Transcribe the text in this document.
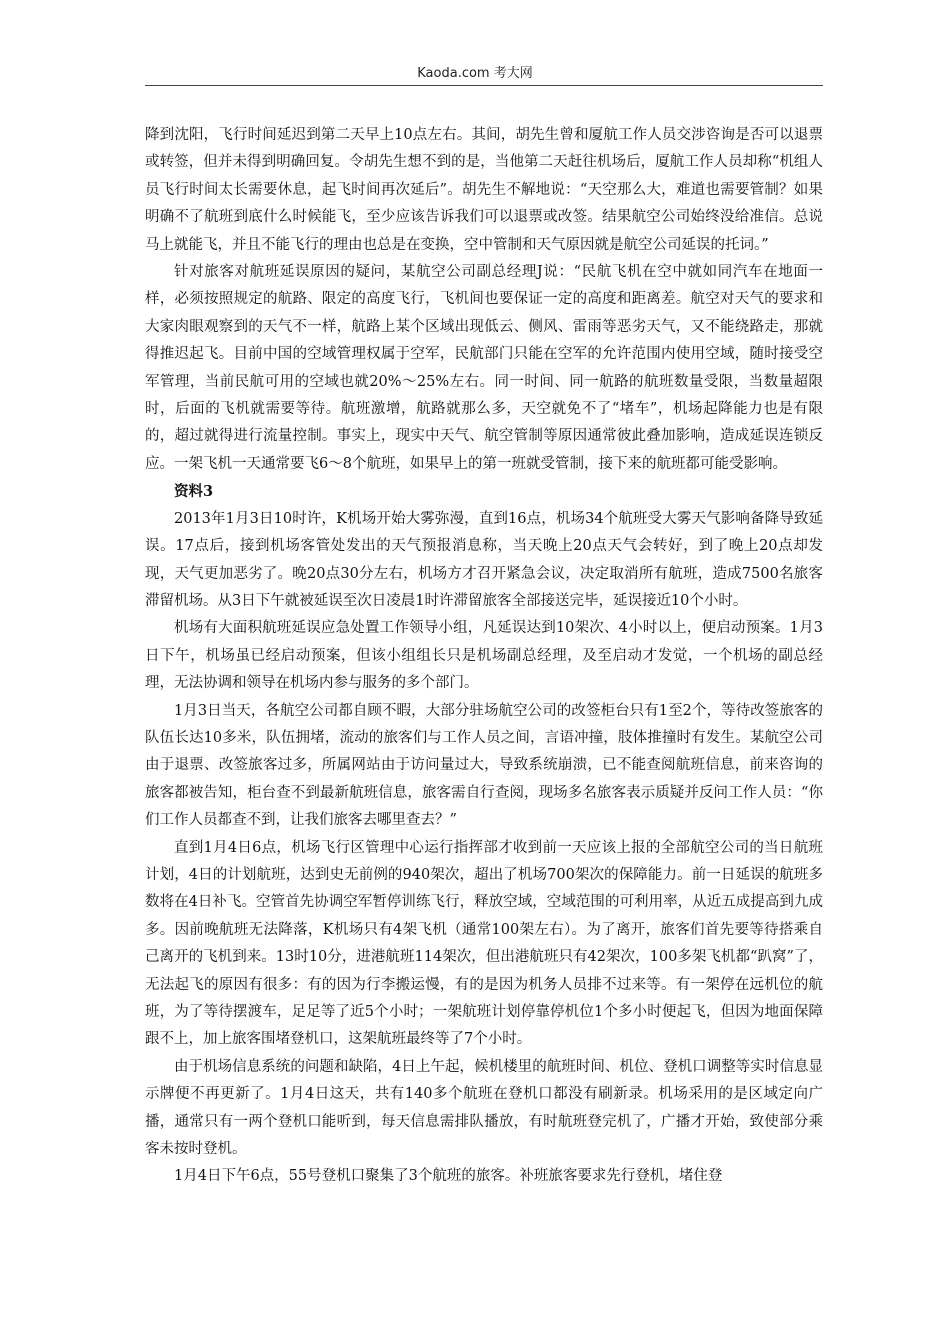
Kaoda.com 考大网

降到沈阳，飞行时间延迟到第二天早上10点左右。其间，胡先生曾和厦航工作人员交涉咨询是否可以退票或转签，但并未得到明确回复。令胡先生想不到的是，当他第二天赶往机场后，厦航工作人员却称“机组人员飞行时间太长需要休息，起飞时间再次延后”。胡先生不解地说：“天空那么大，难道也需要管制？如果明确不了航班到底什么时候能飞，至少应该告诉我们可以退票或改签。结果航空公司始终没给准信。总说马上就能飞，并且不能飞行的理由也总是在变换，空中管制和天气原因就是航空公司延误的托词。”

针对旅客对航班延误原因的疑问，某航空公司副总经理J说：“民航飞机在空中就如同汽车在地面一样，必须按照规定的航路、限定的高度飞行，飞机间也要保证一定的高度和距离差。航空对天气的要求和大家肉眼观察到的天气不一样，航路上某个区域出现低云、侧风、雷雨等恶劣天气，又不能绕路走，那就得推迟起飞。目前中国的空域管理权属于空军，民航部门只能在空军的允许范围内使用空域，随时接受空军管理，当前民航可用的空域也就20%～25%左右。同一时间、同一航路的航班数量受限，当数量超限时，后面的飞机就需要等待。航班激增，航路就那么多，天空就免不了“堵车”，机场起降能力也是有限的，超过就得进行流量控制。事实上，现实中天气、航空管制等原因通常彼此叠加影响，造成延误连锁反应。一架飞机一天通常要飞6～8个航班，如果早上的第一班就受管制，接下来的航班都可能受影响。

资料3

2013年1月3日10时许，K机场开始大雾弥漫，直到16点，机场34个航班受大雾天气影响备降导致延误。17点后，接到机场客管处发出的天气预报消息称，当天晚上20点天气会转好，到了晚上20点却发现，天气更加恶劣了。晚20点30分左右，机场方才召开紧急会议，决定取消所有航班，造成7500名旅客滞留机场。从3日下午就被延误至次日凌晨1时许滞留旅客全部接送完毕，延误接近10个小时。

机场有大面积航班延误应急处置工作领导小组，凡延误达到10架次、4小时以上，便启动预案。1月3日下午，机场虽已经启动预案，但该小组组长只是机场副总经理，及至启动才发觉，一个机场的副总经理，无法协调和领导在机场内参与服务的多个部门。

1月3日当天，各航空公司都自顾不暇，大部分驻场航空公司的改签柜台只有1至2个，等待改签旅客的队伍长达10多米，队伍拥堵，流动的旅客们与工作人员之间，言语冲撞，肢体推撞时有发生。某航空公司由于退票、改签旅客过多，所属网站由于访问量过大，导致系统崩溃，已不能查阅航班信息，前来咨询的旅客都被告知，柜台查不到最新航班信息，旅客需自行查阅，现场多名旅客表示质疑并反问工作人员：“你们工作人员都查不到，让我们旅客去哪里查去？”

直到1月4日6点，机场飞行区管理中心运行指挥部才收到前一天应该上报的全部航空公司的当日航班计划，4日的计划航班，达到史无前例的940架次，超出了机场700架次的保障能力。前一日延误的航班多数将在4日补飞。空管首先协调空军暂停训练飞行，释放空域，空域范围的可利用率，从近五成提高到九成多。因前晚航班无法降落，K机场只有4架飞机（通常100架左右）。为了离开，旅客们首先要等待搭乘自己离开的飞机到来。13时10分，进港航班114架次，但出港航班只有42架次，100多架飞机都“趴窝”了，无法起飞的原因有很多：有的因为行李搬运慢，有的是因为机务人员排不过来等。有一架停在远机位的航班，为了等待摆渡车，足足等了近5个小时；一架航班计划停靠停机位1个多小时便起飞，但因为地面保障跟不上，加上旅客围堵登机口，这架航班最终等了7个小时。

由于机场信息系统的问题和缺陷，4日上午起，候机楼里的航班时间、机位、登机口调整等实时信息显示牌便不再更新了。1月4日这天，共有140多个航班在登机口都没有刷新录。机场采用的是区域定向广播，通常只有一两个登机口能听到，每天信息需排队播放，有时航班登完机了，广播才开始，致使部分乘客未按时登机。

1月4日下午6点，55号登机口聚集了3个航班的旅客。补班旅客要求先行登机，堵住登
